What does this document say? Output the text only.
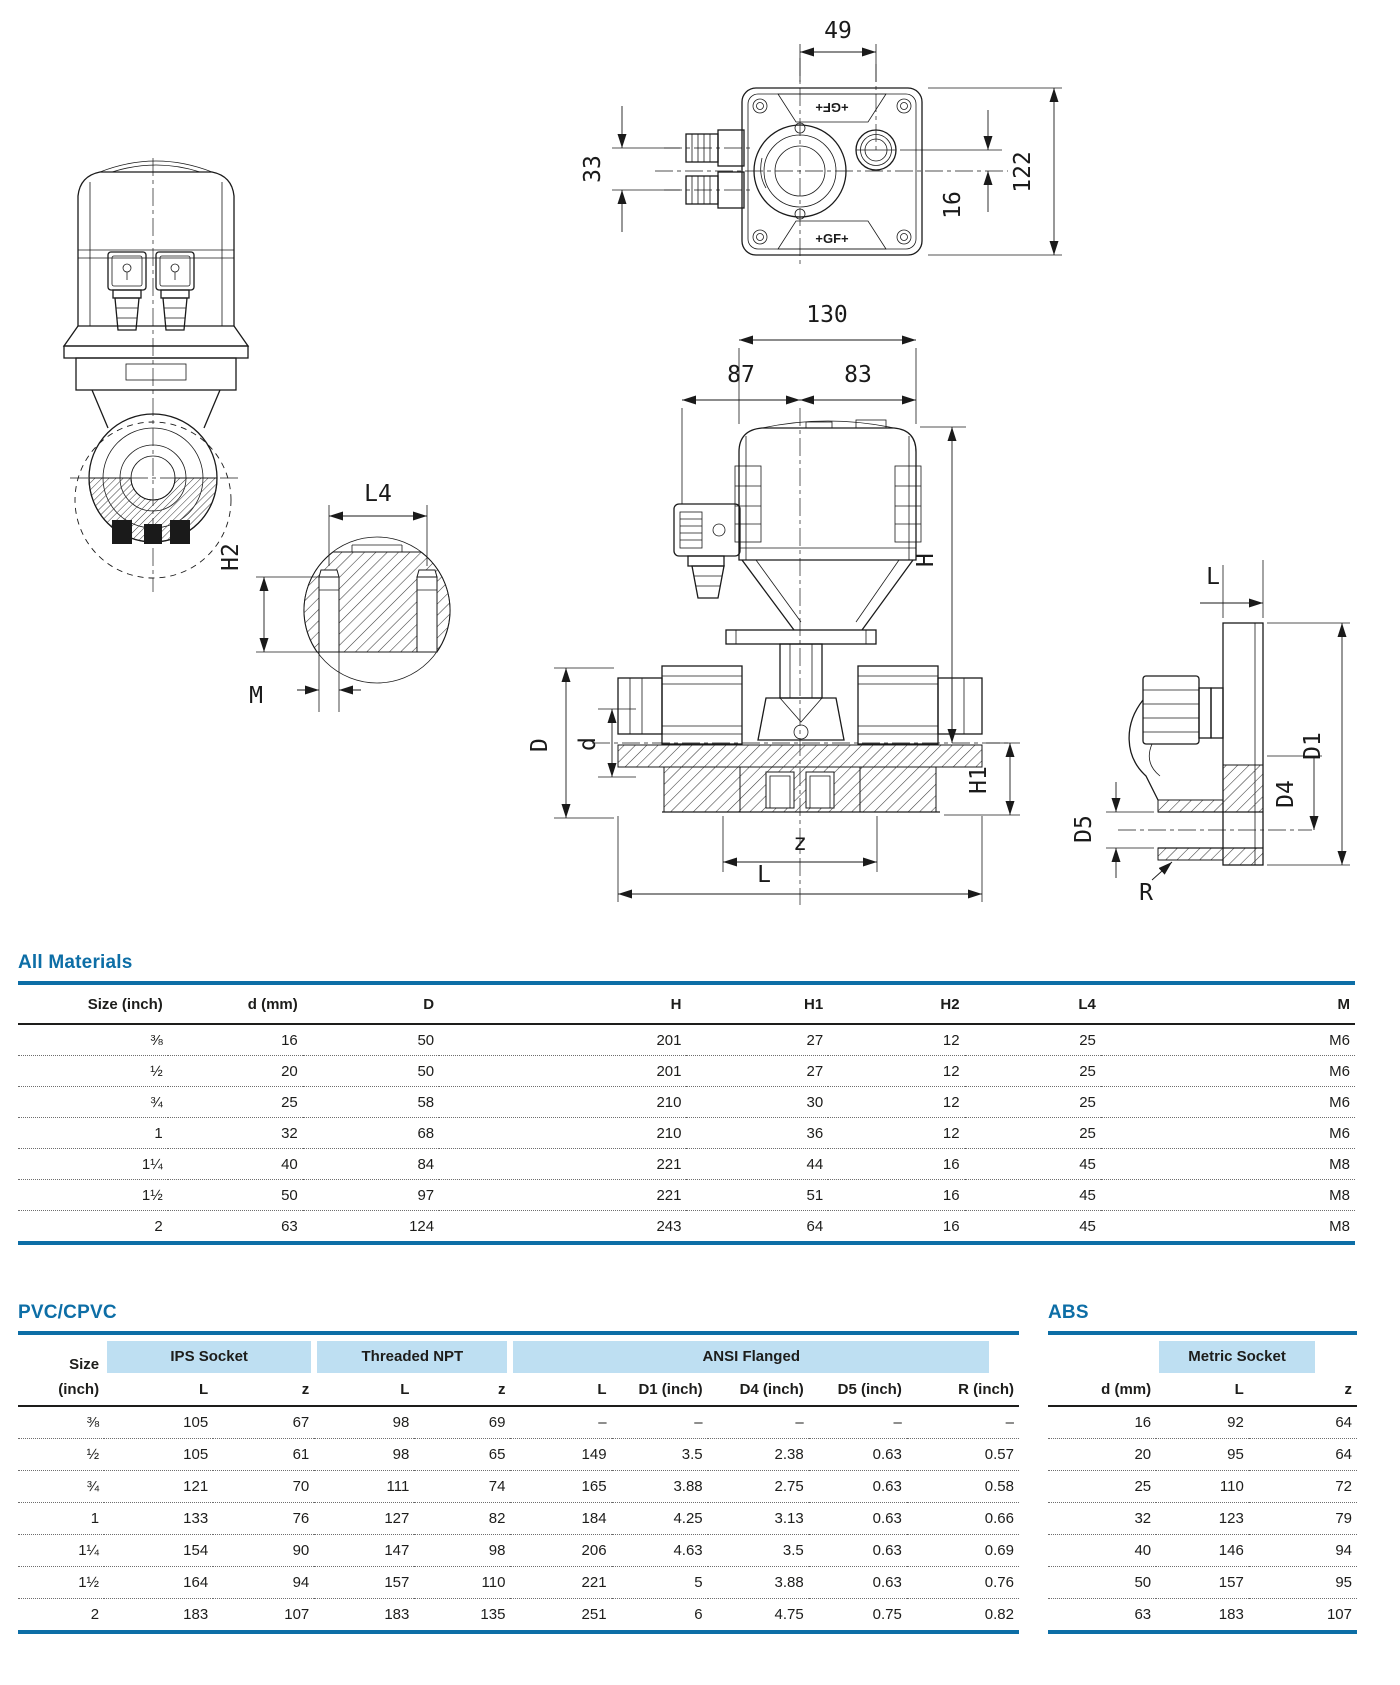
L4
H2
M
+GF+
+GF+
49
33
16
122
130
87	83
H
H1
D d
z
L
L
D1
D4
D5
R
All Materials
Size (inch)	d (mm)	D	H	H1	H2	L4	M
⅜	16	50	201	27	12	25	M6
½	20	50	201	27	12	25	M6
¾	25	58	210	30	12	25	M6
1	32	68	210	36	12	25	M6
1¼	40	84	221	44	16	45	M8
1½	50	97	221	51	16	45	M8
2	63	124	243	64	16	45	M8
PVC/CPVC
Size	IPS Socket		Threaded NPT		ANSI Flanged				

(inch)	L	z	L	z	L	D1 (inch)	D4 (inch)	D5 (inch)	R (inch)
⅜	105	67	98	69	–	–	–	–	–
½	105	61	98	65	149	3.5	2.38	0.63	0.57
¾	121	70	111	74	165	3.88	2.75	0.63	0.58
1	133	76	127	82	184	4.25	3.13	0.63	0.66
1¼	154	90	147	98	206	4.63	3.5	0.63	0.69
1½	164	94	157	110	221	5	3.88	0.63	0.76
2	183	107	183	135	251	6	4.75	0.75	0.82
ABS

	Metric Socket	

d (mm)	L	z
16	92	64
20	95	64
25	110	72
32	123	79
40	146	94
50	157	95
63	183	107
